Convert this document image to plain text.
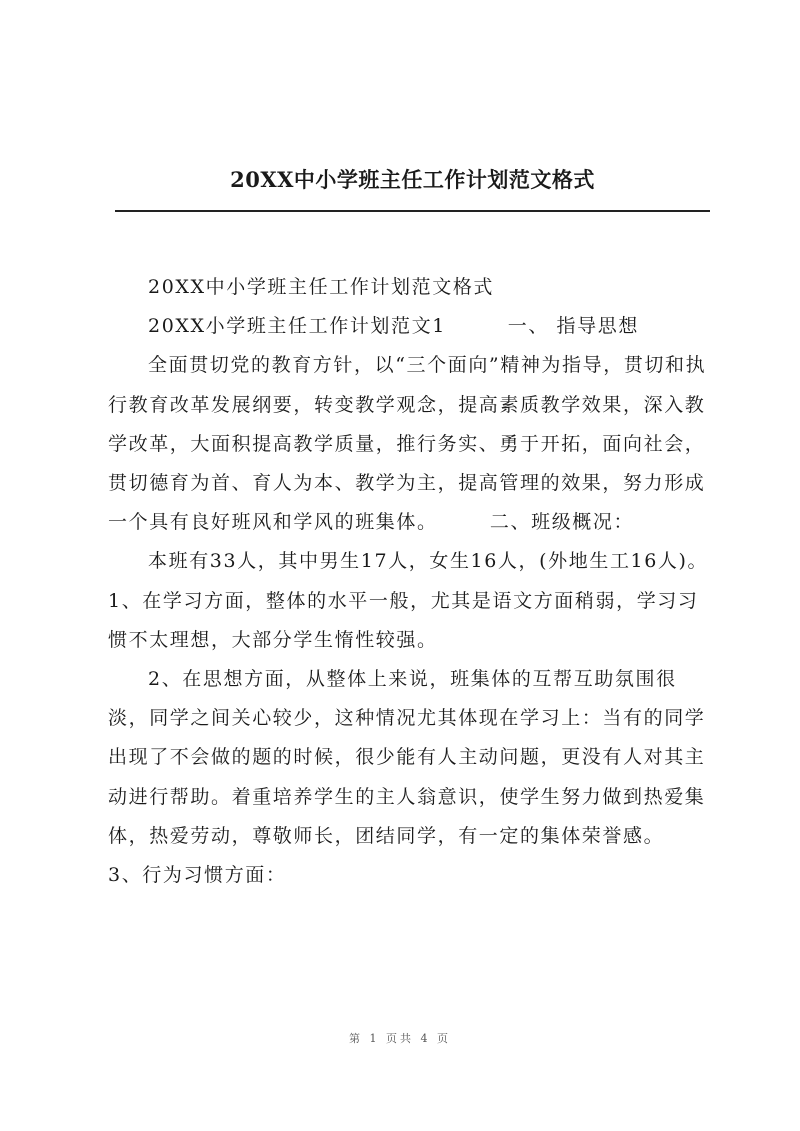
20XX中小学班主任工作计划范文格式

20XX中小学班主任工作计划范文格式

20XX小学班主任工作计划范文1　　　一、 指导思想

全面贯切党的教育方针，以“三个面向”精神为指导，贯切和执行教育改革发展纲要，转变教学观念，提高素质教学效果，深入教学改革，大面积提高教学质量，推行务实、勇于开拓，面向社会，贯切德育为首、育人为本、教学为主，提高管理的效果，努力形成一个具有良好班风和学风的班集体。　　　二、班级概况：

本班有33人，其中男生17人，女生16人，(外地生工16人)。　　　1、在学习方面，整体的水平一般，尤其是语文方面稍弱，学习习惯不太理想，大部分学生惰性较强。

2、在思想方面，从整体上来说，班集体的互帮互助氛围很淡，同学之间关心较少，这种情况尤其体现在学习上：当有的同学出现了不会做的题的时候，很少能有人主动问题，更没有人对其主动进行帮助。着重培养学生的主人翁意识，使学生努力做到热爱集体，热爱劳动，尊敬师长，团结同学，有一定的集体荣誉感。　　　3、行为习惯方面：

第 1 页共 4 页
